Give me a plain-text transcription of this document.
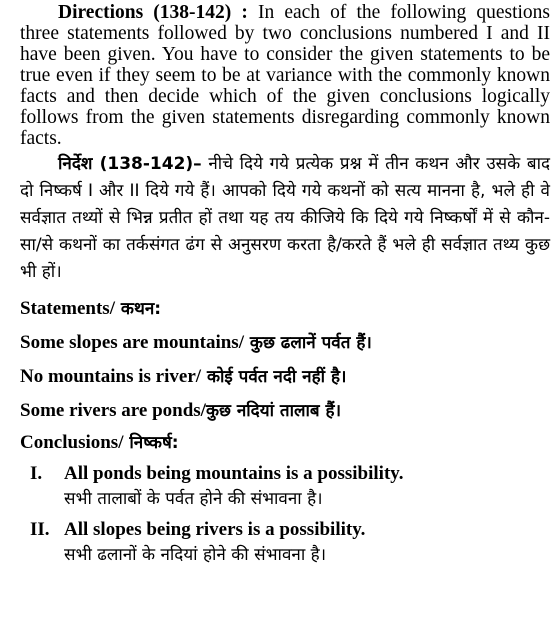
Directions (138-142) : In each of the following questions three statements followed by two conclusions numbered I and II have been given. You have to consider the given statements to be true even if they seem to be at variance with the commonly known facts and then decide which of the given conclusions logically follows from the given statements disregarding commonly known facts.

निर्देश (138-142)– नीचे दिये गये प्रत्येक प्रश्न में तीन कथन और उसके बाद दो निष्कर्ष I और II दिये गये हैं। आपको दिये गये कथनों को सत्य मानना है, भले ही वे सर्वज्ञात तथ्यों से भिन्न प्रतीत हों तथा यह तय कीजिये कि दिये गये निष्कर्षों में से कौन-सा/से कथनों का तर्कसंगत ढंग से अनुसरण करता है/करते हैं भले ही सर्वज्ञात तथ्य कुछ भी हों।

Statements/ कथन:
Some slopes are mountains/ कुछ ढलानें पर्वत हैं।
No mountains is river/ कोई पर्वत नदी नहीं है।
Some rivers are ponds/कुछ नदियां तालाब हैं।
Conclusions/ निष्कर्ष:
I.	All ponds being mountains is a possibility.
सभी तालाबों के पर्वत होने की संभावना है।
II. All slopes being rivers is a possibility.
सभी ढलानों के नदियां होने की संभावना है।
